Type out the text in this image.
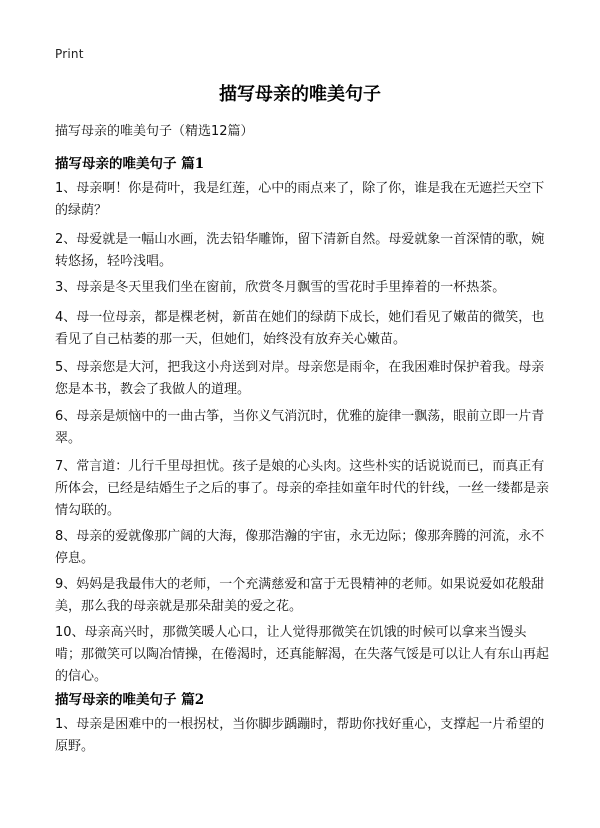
Print
描写母亲的唯美句子
描写母亲的唯美句子（精选12篇）
描写母亲的唯美句子 篇1

1、母亲啊！你是荷叶，我是红莲，心中的雨点来了，除了你，谁是我在无遮拦天空下的绿荫？

2、母爱就是一幅山水画，洗去铅华雕饰，留下清新自然。母爱就象一首深情的歌，婉转悠扬，轻吟浅唱。

3、母亲是冬天里我们坐在窗前，欣赏冬月飘雪的雪花时手里捧着的一杯热茶。

4、母一位母亲，都是棵老树，新苗在她们的绿荫下成长，她们看见了嫩苗的微笑，也看见了自己枯萎的那一天，但她们，始终没有放弃关心嫩苗。

5、母亲您是大河，把我这小舟送到对岸。母亲您是雨伞，在我困难时保护着我。母亲您是本书，教会了我做人的道理。

6、母亲是烦恼中的一曲古筝，当你义气消沉时，优雅的旋律一飘荡，眼前立即一片青翠。

7、常言道：儿行千里母担忧。孩子是娘的心头肉。这些朴实的话说说而已，而真正有所体会，已经是结婚生子之后的事了。母亲的牵挂如童年时代的针线，一丝一缕都是亲情勾联的。

8、母亲的爱就像那广阔的大海，像那浩瀚的宇宙，永无边际；像那奔腾的河流，永不停息。

9、妈妈是我最伟大的老师，一个充满慈爱和富于无畏精神的老师。如果说爱如花般甜美，那么我的母亲就是那朵甜美的爱之花。

10、母亲高兴时，那微笑暖人心口，让人觉得那微笑在饥饿的时候可以拿来当馒头啃；那微笑可以陶冶情操，在倦渴时，还真能解渴，在失落气馁是可以让人有东山再起的信心。

描写母亲的唯美句子 篇2

1、母亲是困难中的一根拐杖，当你脚步踽蹦时，帮助你找好重心，支撑起一片希望的原野。
